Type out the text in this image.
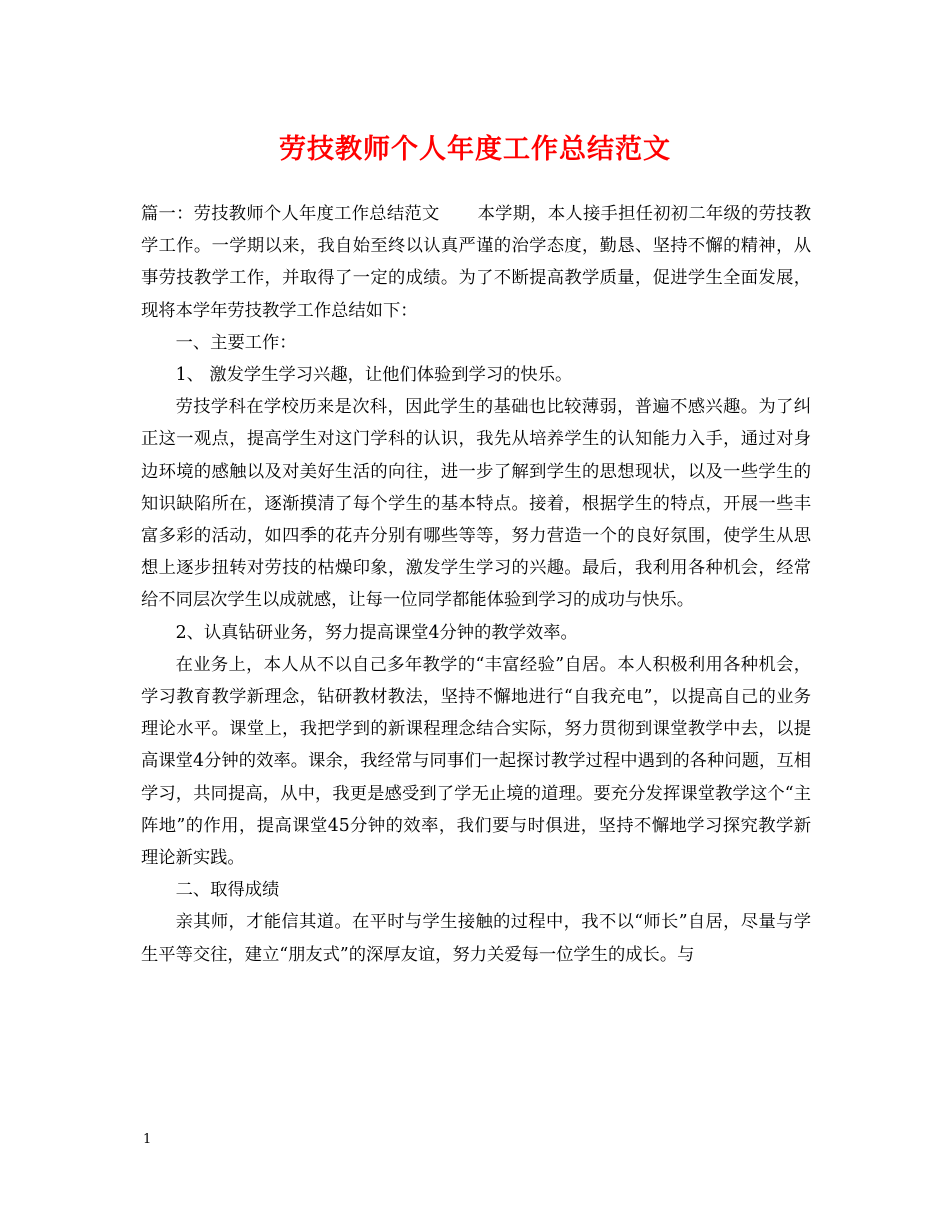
劳技教师个人年度工作总结范文

篇一：劳技教师个人年度工作总结范文 本学期，本人接手担任初初二年级的劳技教学工作。一学期以来，我自始至终以认真严谨的治学态度，勤恳、坚持不懈的精神，从事劳技教学工作，并取得了一定的成绩。为了不断提高教学质量，促进学生全面发展，现将本学年劳技教学工作总结如下：

一、主要工作：

1、 激发学生学习兴趣，让他们体验到学习的快乐。

劳技学科在学校历来是次科，因此学生的基础也比较薄弱，普遍不感兴趣。为了纠正这一观点，提高学生对这门学科的认识，我先从培养学生的认知能力入手，通过对身边环境的感触以及对美好生活的向往，进一步了解到学生的思想现状，以及一些学生的知识缺陷所在，逐渐摸清了每个学生的基本特点。接着，根据学生的特点，开展一些丰富多彩的活动，如四季的花卉分别有哪些等等，努力营造一个的良好氛围，使学生从思想上逐步扭转对劳技的枯燥印象，激发学生学习的兴趣。最后，我利用各种机会，经常给不同层次学生以成就感，让每一位同学都能体验到学习的成功与快乐。

2、认真钻研业务，努力提高课堂4分钟的教学效率。

在业务上，本人从不以自己多年教学的“丰富经验”自居。本人积极利用各种机会，学习教育教学新理念，钻研教材教法，坚持不懈地进行“自我充电”，以提高自己的业务理论水平。课堂上，我把学到的新课程理念结合实际，努力贯彻到课堂教学中去，以提高课堂4分钟的效率。课余，我经常与同事们一起探讨教学过程中遇到的各种问题，互相学习，共同提高，从中，我更是感受到了学无止境的道理。要充分发挥课堂教学这个“主阵地”的作用，提高课堂45分钟的效率，我们要与时俱进，坚持不懈地学习探究教学新理论新实践。

二、取得成绩

亲其师，才能信其道。在平时与学生接触的过程中，我不以“师长”自居，尽量与学生平等交往，建立“朋友式”的深厚友谊，努力关爱每一位学生的成长。与

1
